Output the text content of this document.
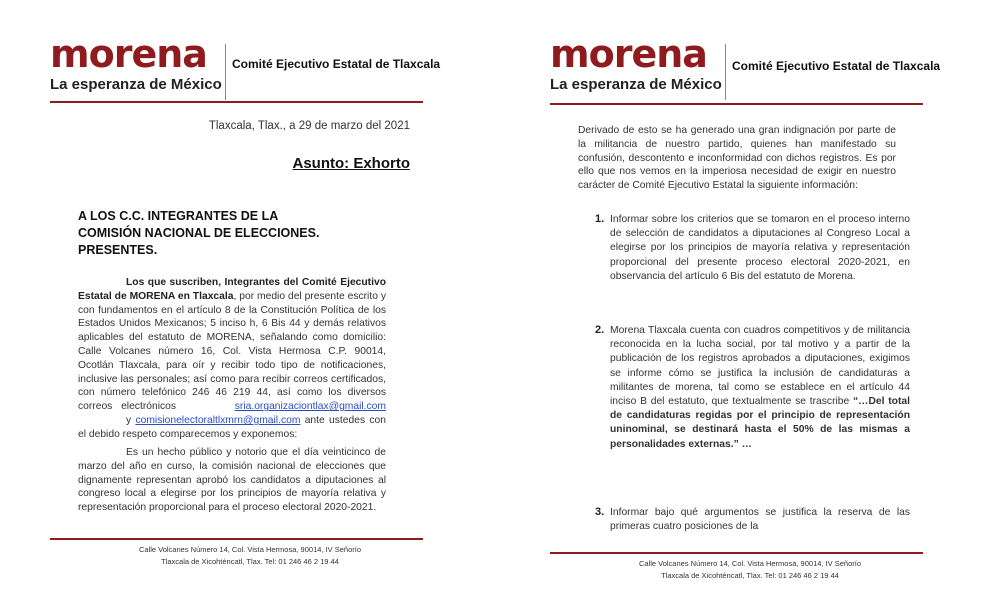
morena
La esperanza de México
Comité Ejecutivo Estatal de Tlaxcala
Tlaxcala, Tlax., a 29 de marzo del 2021
Asunto: Exhorto
A LOS C.C. INTEGRANTES DE LA
COMISIÓN NACIONAL DE ELECCIONES.
PRESENTES.
Los que suscriben, Integrantes del Comité Ejecutivo Estatal de MORENA en Tlaxcala, por medio del presente escrito y con fundamentos en el artículo 8 de la Constitución Política de los Estados Unidos Mexicanos; 5 inciso h, 6 Bis 44 y demás relativos aplicables del estatuto de MORENA, señalando como domicilio: Calle Volcanes número 16, Col. Vista Hermosa C.P. 90014, Ocotlán Tlaxcala, para oír y recibir todo tipo de notificaciones, inclusive las personales; así como para recibir correos certificados, con número telefónico 246 46 219 44, así como los diversos correos electrónicos	sria.organizaciontlax@gmail.com y comisionelectoraltlxmrn@gmail.com ante ustedes con el debido respeto comparecemos y exponemos:
Es un hecho público y notorio que el día veinticinco de marzo del año en curso, la comisión nacional de elecciones que dignamente representan aprobó los candidatos a diputaciones al congreso local a elegirse por los principios de mayoría relativa y representación proporcional para el proceso electoral 2020-2021.
Calle Volcanes Número 14, Col. Vista Hermosa, 90014, IV Señorío
Tlaxcala de Xicohténcatl, Tlax. Tel: 01 246 46 2 19 44
morena
La esperanza de México
Comité Ejecutivo Estatal de Tlaxcala
Derivado de esto se ha generado una gran indignación por parte de la militancia de nuestro partido, quienes han manifestado su confusión, descontento e inconformidad con dichos registros. Es por ello que nos vemos en la imperiosa necesidad de exigir en nuestro carácter de Comité Ejecutivo Estatal la siguiente información:
1. Informar sobre los criterios que se tomaron en el proceso interno de selección de candidatos a diputaciones al Congreso Local a elegirse por los principios de mayoría relativa y representación proporcional del presente proceso electoral 2020-2021, en observancia del artículo 6 Bis del estatuto de Morena.
2. Morena Tlaxcala cuenta con cuadros competitivos y de militancia reconocida en la lucha social, por tal motivo y a partir de la publicación de los registros aprobados a diputaciones, exigimos se informe cómo se justifica la inclusión de candidaturas a militantes de morena, tal como se establece en el artículo 44 inciso B del estatuto, que textualmente se trascribe “…Del total de candidaturas regidas por el principio de representación uninominal, se destinará hasta el 50% de las mismas a personalidades externas.” …
3. Informar bajo qué argumentos se justifica la reserva de las primeras cuatro posiciones de la
Calle Volcanes Número 14, Col. Vista Hermosa, 90014, IV Señorío
Tlaxcala de Xicohténcatl, Tlax. Tel: 01 246 46 2 19 44
